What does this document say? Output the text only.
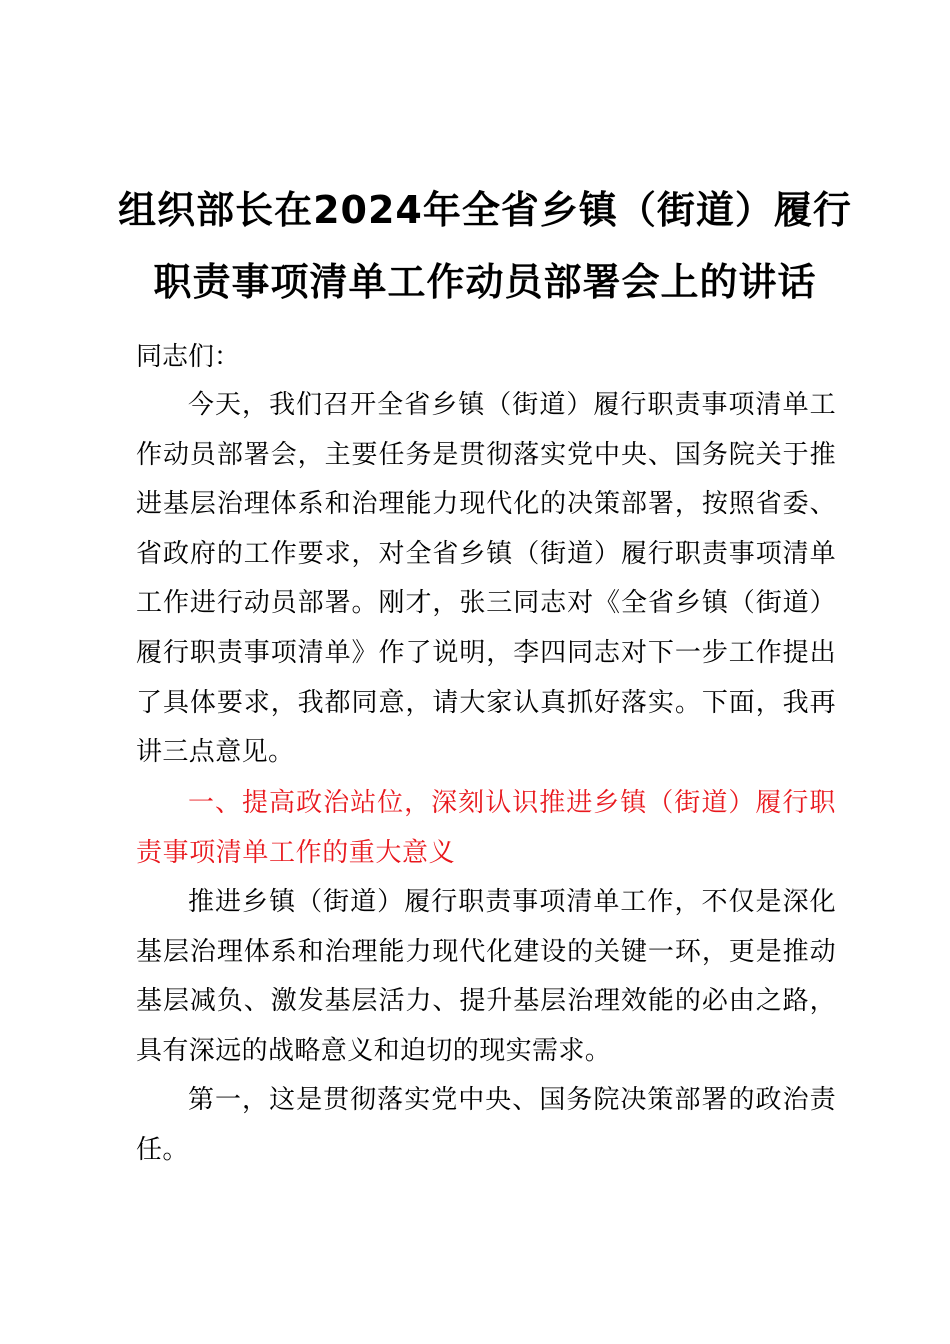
组织部长在2024年全省乡镇（街道）履行
职责事项清单工作动员部署会上的讲话
同志们：

今天，我们召开全省乡镇（街道）履行职责事项清单工作动员部署会，主要任务是贯彻落实党中央、国务院关于推进基层治理体系和治理能力现代化的决策部署，按照省委、省政府的工作要求，对全省乡镇（街道）履行职责事项清单工作进行动员部署。刚才，张三同志对《全省乡镇（街道）履行职责事项清单》作了说明，李四同志对下一步工作提出了具体要求，我都同意，请大家认真抓好落实。下面，我再讲三点意见。

一、提高政治站位，深刻认识推进乡镇（街道）履行职责事项清单工作的重大意义

推进乡镇（街道）履行职责事项清单工作，不仅是深化基层治理体系和治理能力现代化建设的关键一环，更是推动基层减负、激发基层活力、提升基层治理效能的必由之路，具有深远的战略意义和迫切的现实需求。

第一，这是贯彻落实党中央、国务院决策部署的政治责任。
